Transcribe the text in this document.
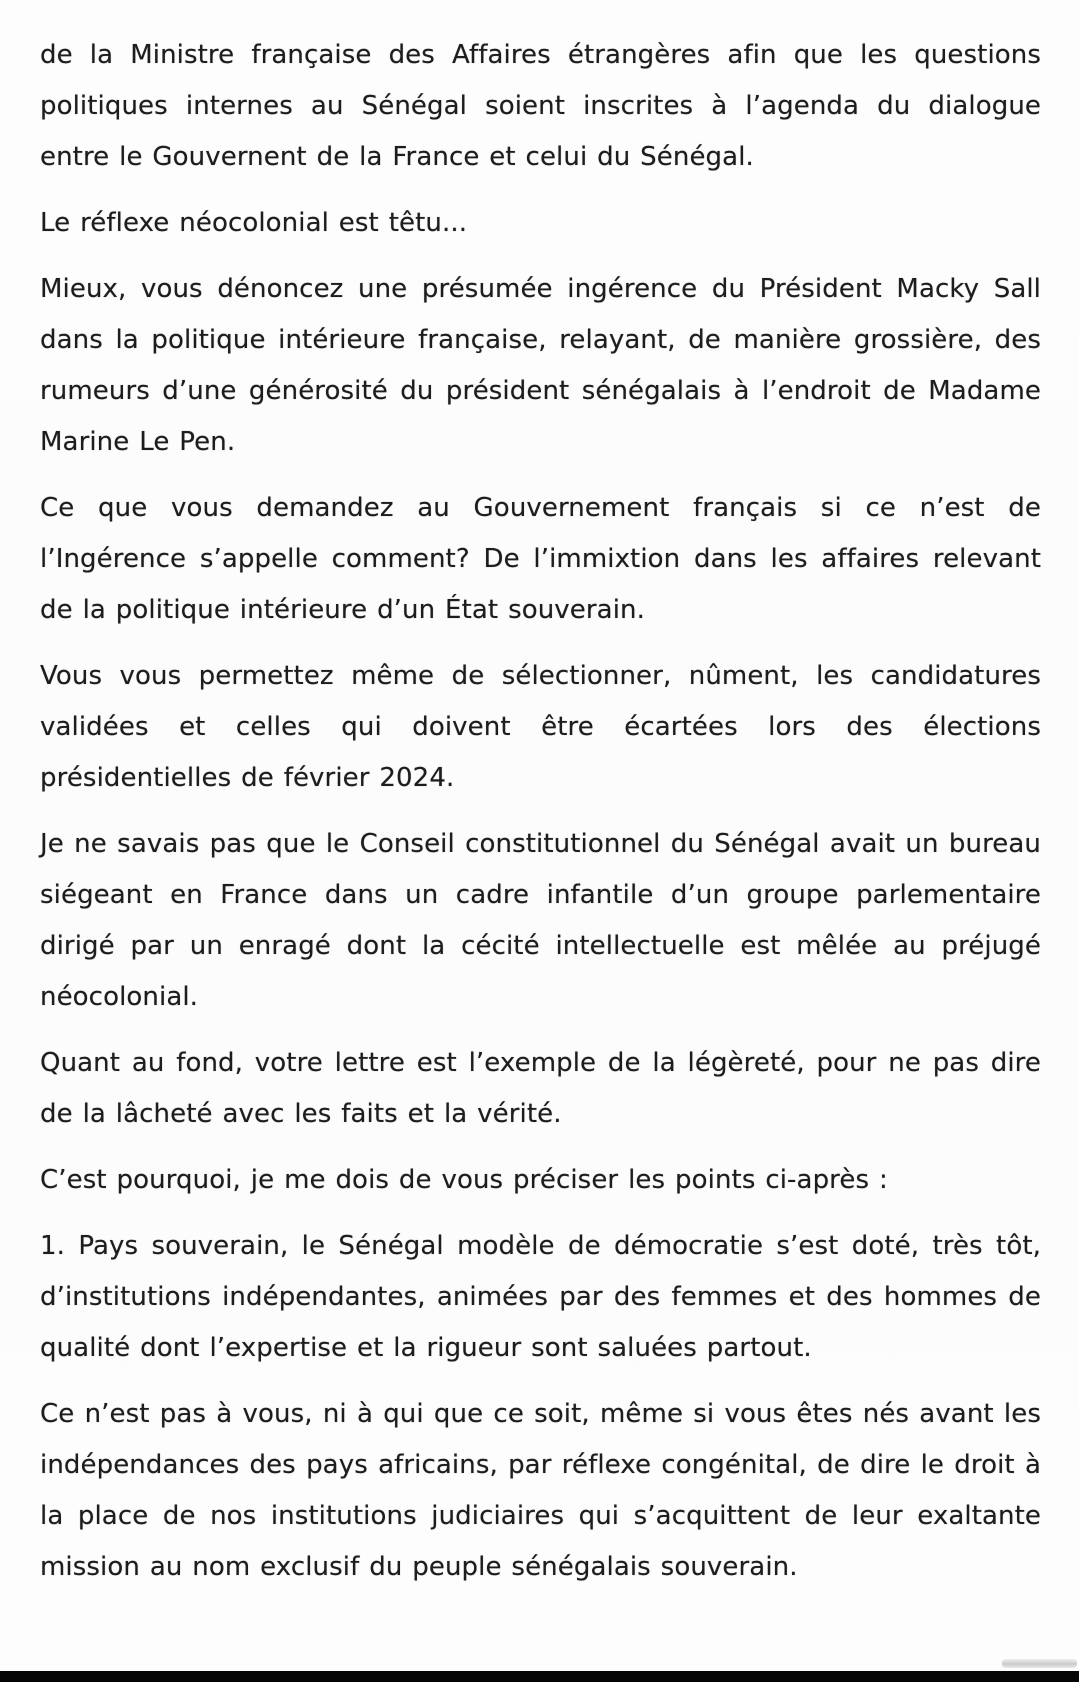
de la Ministre française des Affaires étrangères afin que les questions politiques internes au Sénégal soient inscrites à l’agenda du dialogue entre le Gouvernent de la France et celui du Sénégal.

Le réflexe néocolonial est têtu...

Mieux, vous dénoncez une présumée ingérence du Président Macky Sall dans la politique intérieure française, relayant, de manière grossière, des rumeurs d’une générosité du président sénégalais à l’endroit de Madame Marine Le Pen.

Ce que vous demandez au Gouvernement français si ce n’est de l’Ingérence s’appelle comment? De l’immixtion dans les affaires relevant de la politique intérieure d’un État souverain.

Vous vous permettez même de sélectionner, nûment, les candidatures validées et celles qui doivent être écartées lors des élections présidentielles de février 2024.

Je ne savais pas que le Conseil constitutionnel du Sénégal avait un bureau siégeant en France dans un cadre infantile d’un groupe parlementaire dirigé par un enragé dont la cécité intellectuelle est mêlée au préjugé néocolonial.

Quant au fond, votre lettre est l’exemple de la légèreté, pour ne pas dire de la lâcheté avec les faits et la vérité.

C’est pourquoi, je me dois de vous préciser les points ci-après :

1. Pays souverain, le Sénégal modèle de démocratie s’est doté, très tôt, d’institutions indépendantes, animées par des femmes et des hommes de qualité dont l’expertise et la rigueur sont saluées partout.

Ce n’est pas à vous, ni à qui que ce soit, même si vous êtes nés avant les indépendances des pays africains, par réflexe congénital, de dire le droit à la place de nos institutions judiciaires qui s’acquittent de leur exaltante mission au nom exclusif du peuple sénégalais souverain.
